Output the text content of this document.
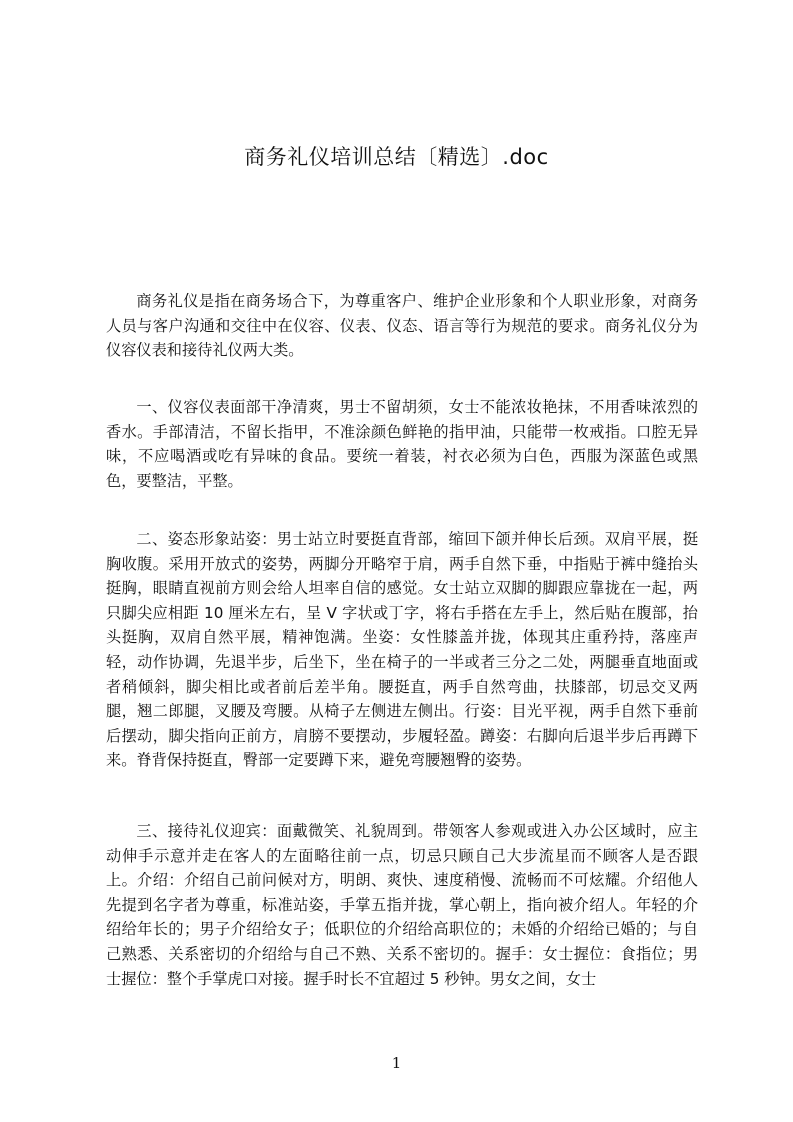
商务礼仪培训总结〔精选〕.doc
商务礼仪是指在商务场合下，为尊重客户、维护企业形象和个人职业形象，对商务人员与客户沟通和交往中在仪容、仪表、仪态、语言等行为规范的要求。商务礼仪分为仪容仪表和接待礼仪两大类。
一、仪容仪表面部干净清爽，男士不留胡须，女士不能浓妆艳抹，不用香味浓烈的香水。手部清洁，不留长指甲，不准涂颜色鲜艳的指甲油，只能带一枚戒指。口腔无异味，不应喝酒或吃有异味的食品。要统一着装，衬衣必须为白色，西服为深蓝色或黑色，要整洁，平整。
二、姿态形象站姿：男士站立时要挺直背部，缩回下颌并伸长后颈。双肩平展，挺胸收腹。采用开放式的姿势，两脚分开略窄于肩，两手自然下垂，中指贴于裤中缝抬头挺胸，眼睛直视前方则会给人坦率自信的感觉。女士站立双脚的脚跟应靠拢在一起，两只脚尖应相距 10 厘米左右，呈 V 字状或丁字，将右手搭在左手上，然后贴在腹部，抬头挺胸，双肩自然平展，精神饱满。坐姿：女性膝盖并拢，体现其庄重矜持，落座声轻，动作协调，先退半步，后坐下，坐在椅子的一半或者三分之二处，两腿垂直地面或者稍倾斜，脚尖相比或者前后差半角。腰挺直，两手自然弯曲，扶膝部，切忌交叉两腿，翘二郎腿，叉腰及弯腰。从椅子左侧进左侧出。行姿：目光平视，两手自然下垂前后摆动，脚尖指向正前方，肩膀不要摆动，步履轻盈。蹲姿：右脚向后退半步后再蹲下来。脊背保持挺直，臀部一定要蹲下来，避免弯腰翘臀的姿势。
三、接待礼仪迎宾：面戴微笑、礼貌周到。带领客人参观或进入办公区域时，应主动伸手示意并走在客人的左面略往前一点，切忌只顾自己大步流星而不顾客人是否跟上。介绍：介绍自己前问候对方，明朗、爽快、速度稍慢、流畅而不可炫耀。介绍他人先提到名字者为尊重，标准站姿，手掌五指并拢，掌心朝上，指向被介绍人。年轻的介绍给年长的；男子介绍给女子；低职位的介绍给高职位的；未婚的介绍给已婚的；与自己熟悉、关系密切的介绍给与自己不熟、关系不密切的。握手：女士握位：食指位；男士握位：整个手掌虎口对接。握手时长不宜超过 5 秒钟。男女之间，女士
1
